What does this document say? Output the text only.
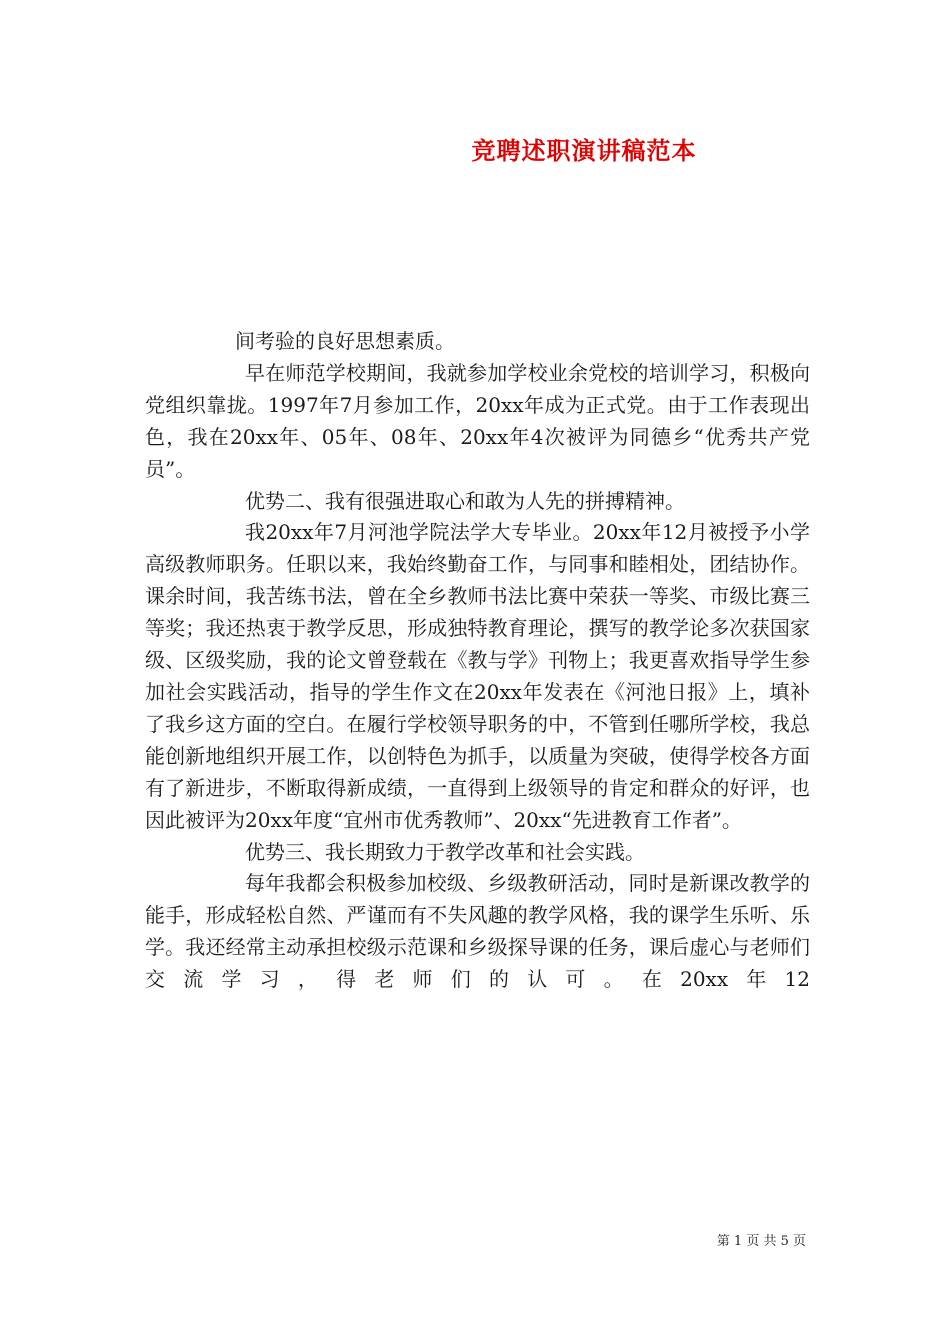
竞聘述职演讲稿范本

间考验的良好思想素质。

早在师范学校期间，我就参加学校业余党校的培训学习，积极向党组织靠拢。1997年7月参加工作，20xx年成为正式党。由于工作表现出色，我在20xx年、05年、08年、20xx年4次被评为同德乡“优秀共产党员”。

优势二、我有很强进取心和敢为人先的拼搏精神。

我20xx年7月河池学院法学大专毕业。20xx年12月被授予小学高级教师职务。任职以来，我始终勤奋工作，与同事和睦相处，团结协作。课余时间，我苦练书法，曾在全乡教师书法比赛中荣获一等奖、市级比赛三等奖；我还热衷于教学反思，形成独特教育理论，撰写的教学论多次获国家级、区级奖励，我的论文曾登载在《教与学》刊物上；我更喜欢指导学生参加社会实践活动，指导的学生作文在20xx年发表在《河池日报》上，填补了我乡这方面的空白。在履行学校领导职务的中，不管到任哪所学校，我总能创新地组织开展工作，以创特色为抓手，以质量为突破，使得学校各方面有了新进步，不断取得新成绩，一直得到上级领导的肯定和群众的好评，也因此被评为20xx年度“宜州市优秀教师”、20xx“先进教育工作者”。

优势三、我长期致力于教学改革和社会实践。

每年我都会积极参加校级、乡级教研活动，同时是新课改教学的能手，形成轻松自然、严谨而有不失风趣的教学风格，我的课学生乐听、乐学。我还经常主动承担校级示范课和乡级探导课的任务，课后虚心与老师们交流学习，得老师们的认可。在20xx年12

第 1 页 共 5 页
